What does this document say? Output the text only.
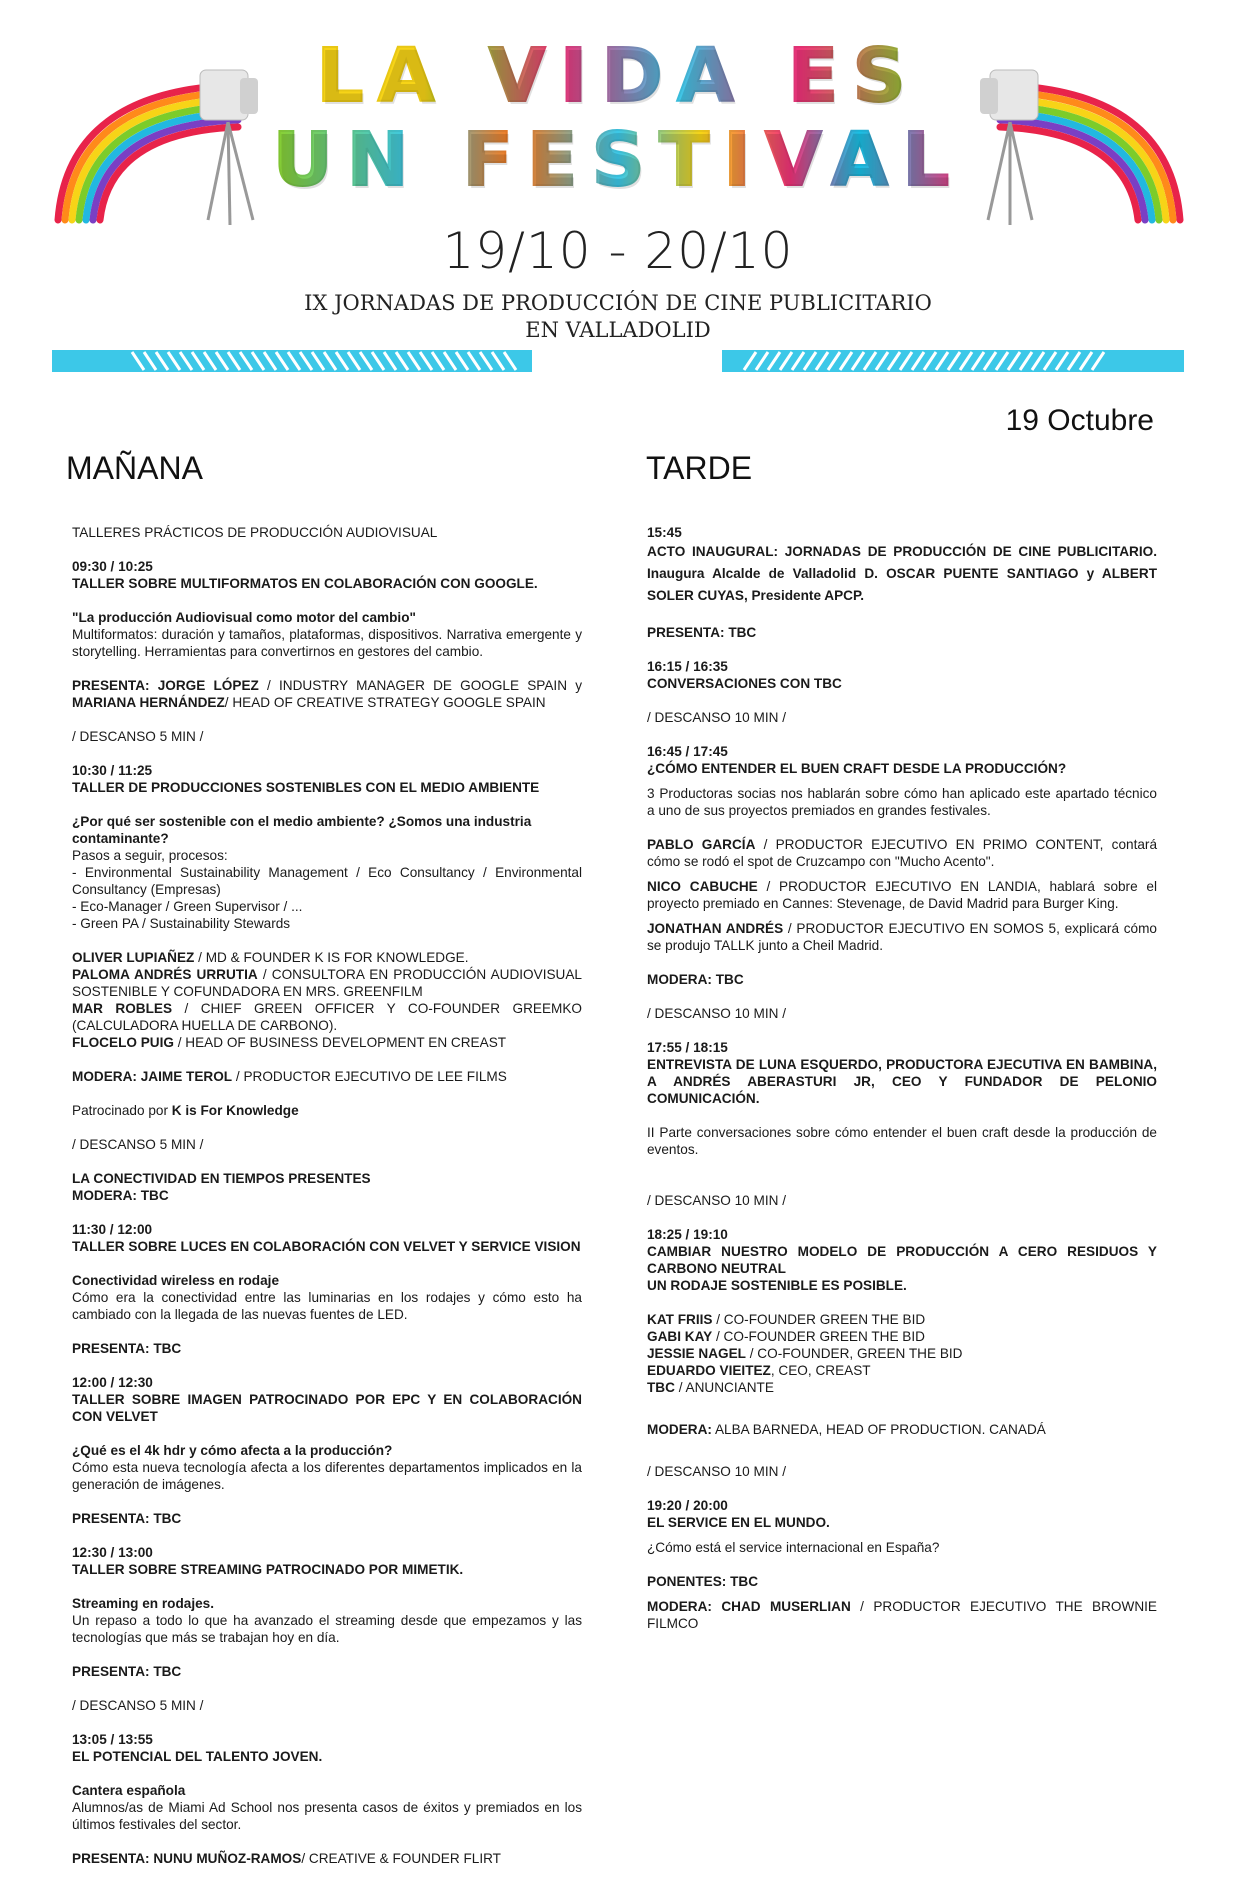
LA VIDA ES
UN FESTIVAL
19/10 - 20/10
IX JORNADAS DE PRODUCCIÓN DE CINE PUBLICITARIO
EN VALLADOLID
19 Octubre
MAÑANA	TARDE

TALLERES PRÁCTICOS DE PRODUCCIÓN AUDIOVISUAL

09:30 / 10:25

TALLER SOBRE MULTIFORMATOS EN COLABORACIÓN CON GOOGLE.

"La producción Audiovisual como motor del cambio"

Multiformatos: duración y tamaños, plataformas, dispositivos. Narrativa emergente y storytelling. Herramientas para convertirnos en gestores del cambio.

PRESENTA: JORGE LÓPEZ / INDUSTRY MANAGER DE GOOGLE SPAIN y MARIANA HERNÁNDEZ/ HEAD OF CREATIVE STRATEGY GOOGLE SPAIN

/ DESCANSO 5 MIN /

10:30 / 11:25

TALLER DE PRODUCCIONES SOSTENIBLES CON EL MEDIO AMBIENTE

¿Por qué ser sostenible con el medio ambiente? ¿Somos una industria contaminante?

Pasos a seguir, procesos:

- Environmental Sustainability Management / Eco Consultancy / Environmental Consultancy (Empresas)

- Eco-Manager / Green Supervisor / ...

- Green PA / Sustainability Stewards

OLIVER LUPIAÑEZ / MD & FOUNDER K IS FOR KNOWLEDGE.

PALOMA ANDRÉS URRUTIA / CONSULTORA EN PRODUCCIÓN AUDIOVISUAL SOSTENIBLE Y COFUNDADORA EN MRS. GREENFILM

MAR ROBLES / CHIEF GREEN OFFICER Y CO-FOUNDER GREEMKO (CALCULADORA HUELLA DE CARBONO).

FLOCELO PUIG / HEAD OF BUSINESS DEVELOPMENT EN CREAST

MODERA: JAIME TEROL / PRODUCTOR EJECUTIVO DE LEE FILMS

Patrocinado por K is For Knowledge

/ DESCANSO 5 MIN /

LA CONECTIVIDAD EN TIEMPOS PRESENTES

MODERA: TBC

11:30 / 12:00

TALLER SOBRE LUCES EN COLABORACIÓN CON VELVET Y SERVICE VISION

Conectividad wireless en rodaje

Cómo era la conectividad entre las luminarias en los rodajes y cómo esto ha cambiado con la llegada de las nuevas fuentes de LED.

PRESENTA: TBC

12:00 / 12:30

TALLER SOBRE IMAGEN PATROCINADO POR EPC Y EN COLABORACIÓN CON VELVET

¿Qué es el 4k hdr y cómo afecta a la producción?

Cómo esta nueva tecnología afecta a los diferentes departamentos implicados en la generación de imágenes.

PRESENTA: TBC

12:30 / 13:00

TALLER SOBRE STREAMING PATROCINADO POR MIMETIK.

Streaming en rodajes.

Un repaso a todo lo que ha avanzado el streaming desde que empezamos y las tecnologías que más se trabajan hoy en día.

PRESENTA: TBC

/ DESCANSO 5 MIN /

13:05 / 13:55

EL POTENCIAL DEL TALENTO JOVEN.

Cantera española

Alumnos/as de Miami Ad School nos presenta casos de éxitos y premiados en los últimos festivales del sector.

PRESENTA: NUNU MUÑOZ-RAMOS/ CREATIVE & FOUNDER FLIRT

15:45

ACTO INAUGURAL: JORNADAS DE PRODUCCIÓN DE CINE PUBLICITARIO. Inaugura Alcalde de Valladolid D. OSCAR PUENTE SANTIAGO y ALBERT SOLER CUYAS, Presidente APCP.

PRESENTA: TBC

16:15 / 16:35

CONVERSACIONES CON TBC

/ DESCANSO 10 MIN /

16:45 / 17:45

¿CÓMO ENTENDER EL BUEN CRAFT DESDE LA PRODUCCIÓN?

3 Productoras socias nos hablarán sobre cómo han aplicado este apartado técnico a uno de sus proyectos premiados en grandes festivales.

PABLO GARCÍA / PRODUCTOR EJECUTIVO EN PRIMO CONTENT, contará cómo se rodó el spot de Cruzcampo con "Mucho Acento".

NICO CABUCHE / PRODUCTOR EJECUTIVO EN LANDIA, hablará sobre el proyecto premiado en Cannes: Stevenage, de David Madrid para Burger King.

JONATHAN ANDRÉS / PRODUCTOR EJECUTIVO EN SOMOS 5, explicará cómo se produjo TALLK junto a Cheil Madrid.

MODERA: TBC

/ DESCANSO 10 MIN /

17:55 / 18:15

ENTREVISTA DE LUNA ESQUERDO, PRODUCTORA EJECUTIVA EN BAMBINA, A ANDRÉS ABERASTURI JR, CEO Y FUNDADOR DE PELONIO COMUNICACIÓN.

II Parte conversaciones sobre cómo entender el buen craft desde la producción de eventos.

/ DESCANSO 10 MIN /

18:25 / 19:10

CAMBIAR NUESTRO MODELO DE PRODUCCIÓN A CERO RESIDUOS Y CARBONO NEUTRAL

UN RODAJE SOSTENIBLE ES POSIBLE.

KAT FRIIS / CO-FOUNDER GREEN THE BID

GABI KAY / CO-FOUNDER GREEN THE BID

JESSIE NAGEL / CO-FOUNDER, GREEN THE BID

EDUARDO VIEITEZ, CEO, CREAST

TBC / ANUNCIANTE

MODERA: ALBA BARNEDA, HEAD OF PRODUCTION. CANADÁ

/ DESCANSO 10 MIN /

19:20 / 20:00

EL SERVICE EN EL MUNDO.

¿Cómo está el service internacional en España?

PONENTES: TBC

MODERA: CHAD MUSERLIAN / PRODUCTOR EJECUTIVO THE BROWNIE FILMCO
